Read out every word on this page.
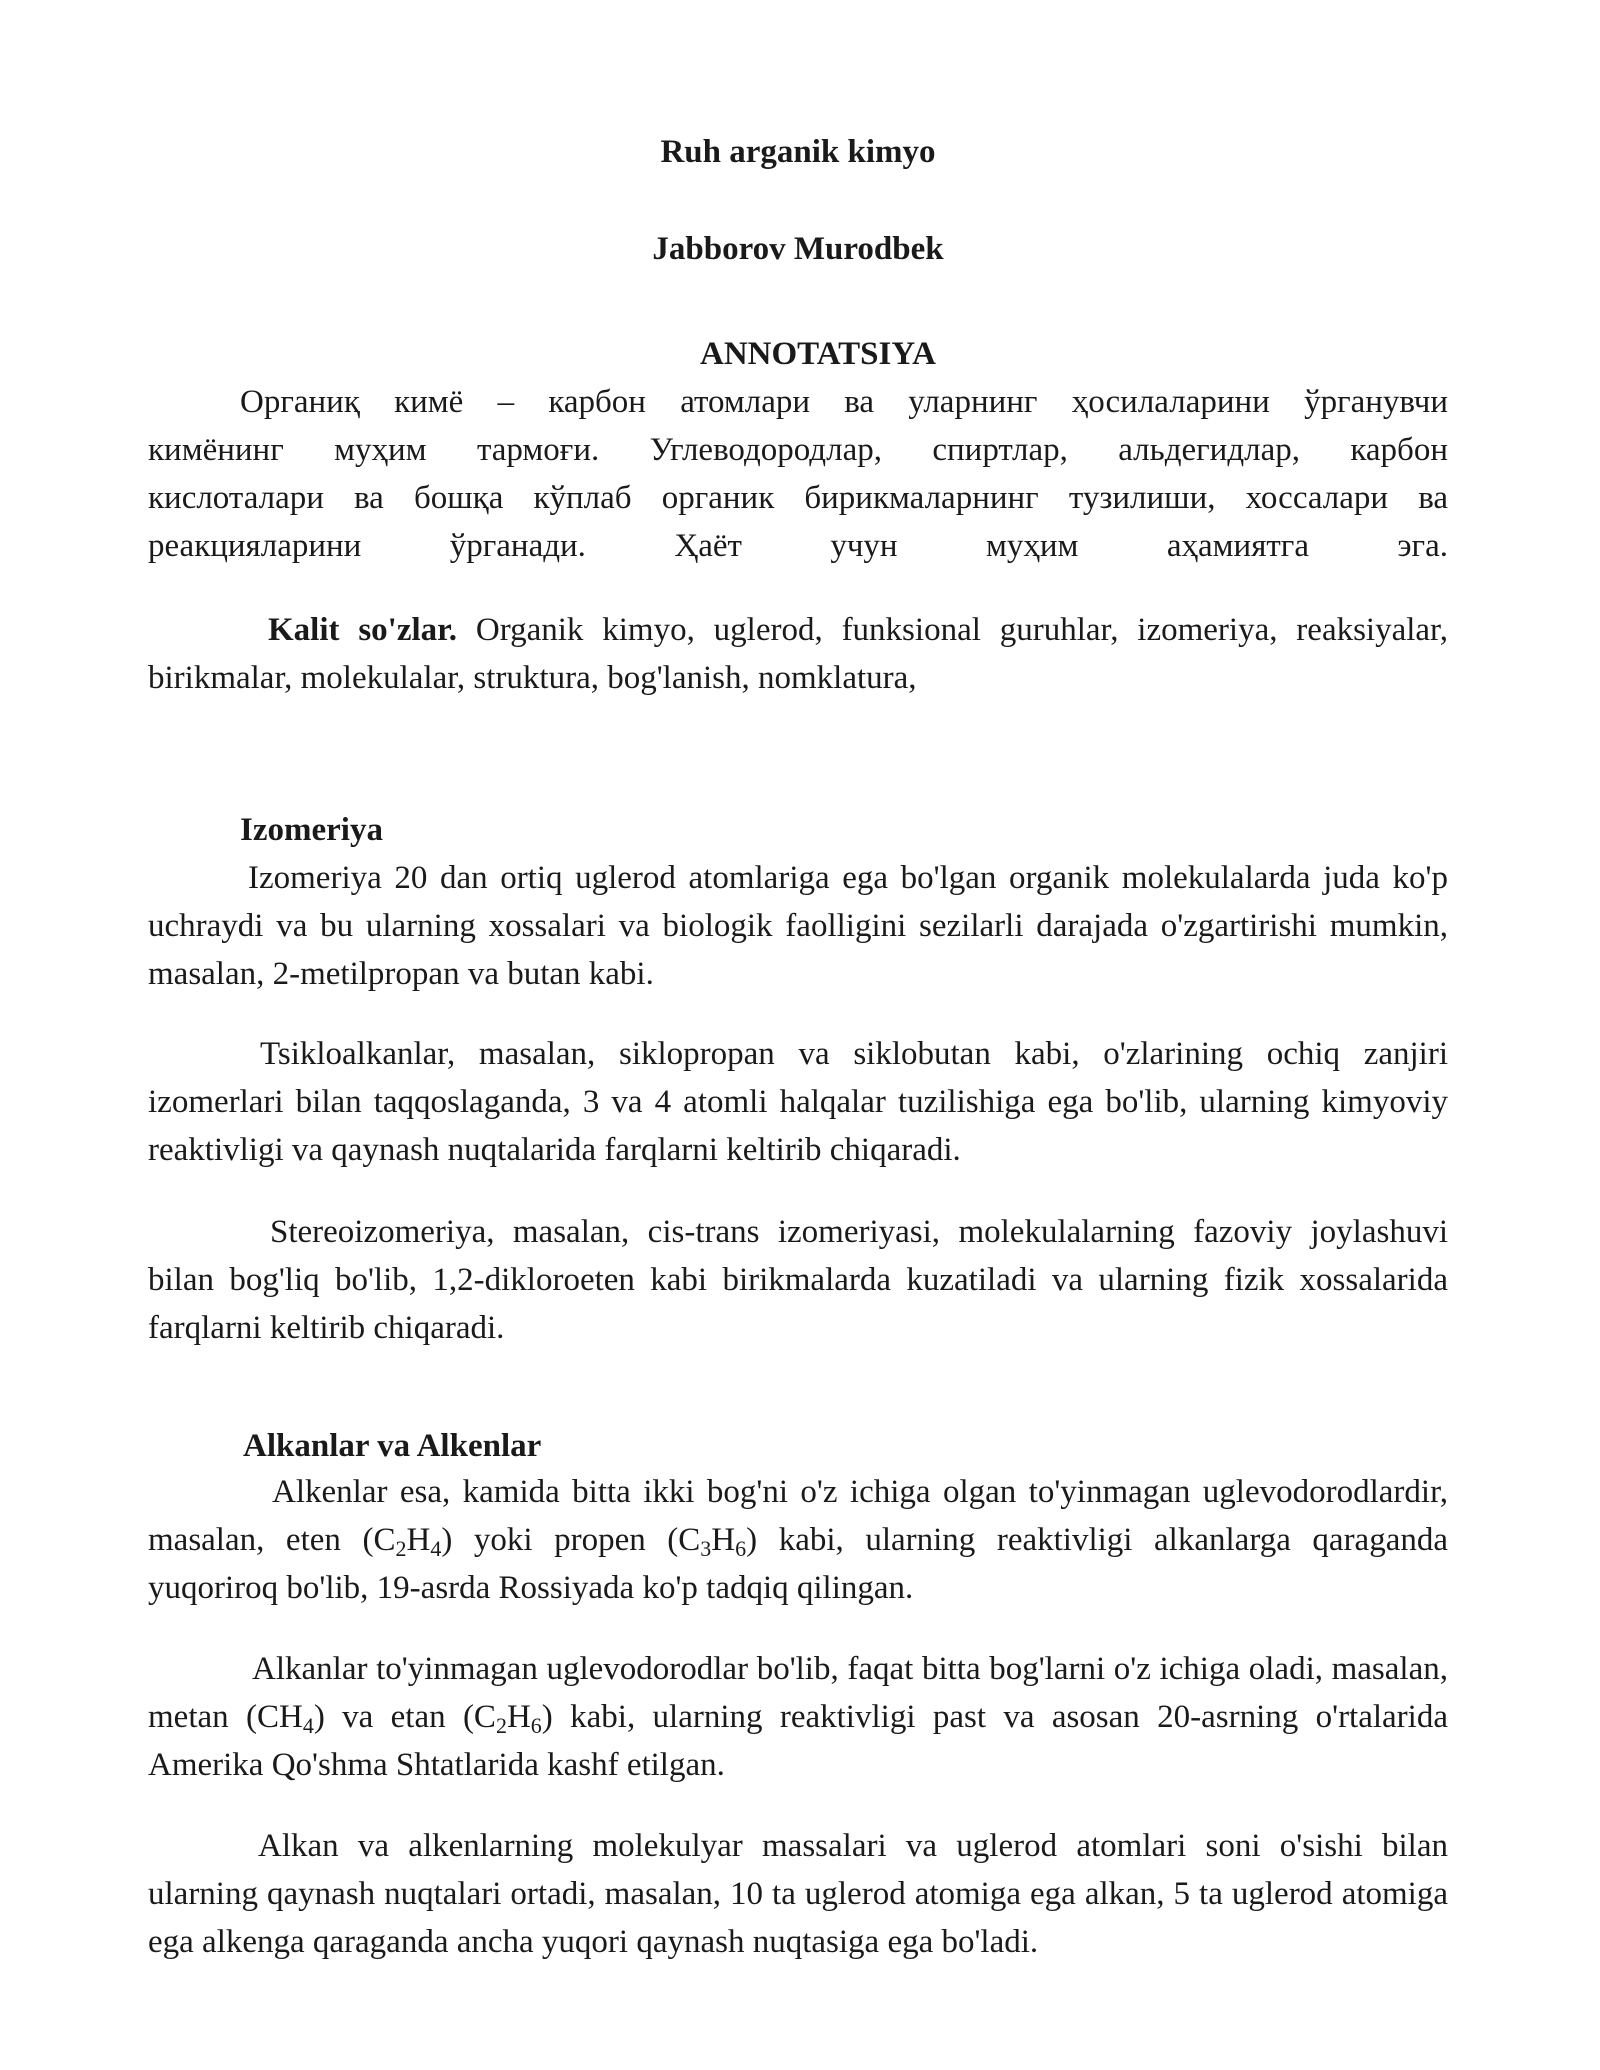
Ruh arganik kimyo
Jabborov Murodbek
ANNOTATSIYA
Органиқ кимё – карбон атомлари ва уларнинг ҳосилаларини ўрганувчи
кимёнинг муҳим тармоғи. Углеводородлар, спиртлар, альдегидлар, карбон
кислоталари ва бошқа кўплаб органик бирикмаларнинг тузилиши, хоссалари ва
реакцияларини ўрганади. Ҳаёт учун муҳим аҳамиятга эга.
Kalit so'zlar. Organik kimyo, uglerod, funksional guruhlar, izomeriya, reaksiyalar, birikmalar, molekulalar, struktura, bog'lanish, nomklatura,
Izomeriya
Izomeriya 20 dan ortiq uglerod atomlariga ega bo'lgan organik molekulalarda juda ko'p uchraydi va bu ularning xossalari va biologik faolligini sezilarli darajada o'zgartirishi mumkin, masalan, 2-metilpropan va butan kabi.
Tsikloalkanlar, masalan, siklopropan va siklobutan kabi, o'zlarining ochiq zanjiri izomerlari bilan taqqoslaganda, 3 va 4 atomli halqalar tuzilishiga ega bo'lib, ularning kimyoviy reaktivligi va qaynash nuqtalarida farqlarni keltirib chiqaradi.
Stereoizomeriya, masalan, cis-trans izomeriyasi, molekulalarning fazoviy joylashuvi bilan bog'liq bo'lib, 1,2-dikloroeten kabi birikmalarda kuzatiladi va ularning fizik xossalarida farqlarni keltirib chiqaradi.
Alkanlar va Alkenlar
Alkenlar esa, kamida bitta ikki bog'ni o'z ichiga olgan to'yinmagan uglevodorodlardir, masalan, eten $(C_2H_4)$ yoki propen $(C_3H_6)$ kabi, ularning reaktivligi alkanlarga qaraganda yuqoriroq bo'lib, 19-asrda Rossiyada ko'p tadqiq qilingan.
Alkanlar to'yinmagan uglevodorodlar bo'lib, faqat bitta bog'larni o'z ichiga oladi, masalan, metan $(CH_4)$ va etan $(C_2H_6)$ kabi, ularning reaktivligi past va asosan 20-asrning o'rtalarida Amerika Qo'shma Shtatlarida kashf etilgan.
Alkan va alkenlarning molekulyar massalari va uglerod atomlari soni o'sishi bilan ularning qaynash nuqtalari ortadi, masalan, 10 ta uglerod atomiga ega alkan, 5 ta uglerod atomiga ega alkenga qaraganda ancha yuqori qaynash nuqtasiga ega bo'ladi.
